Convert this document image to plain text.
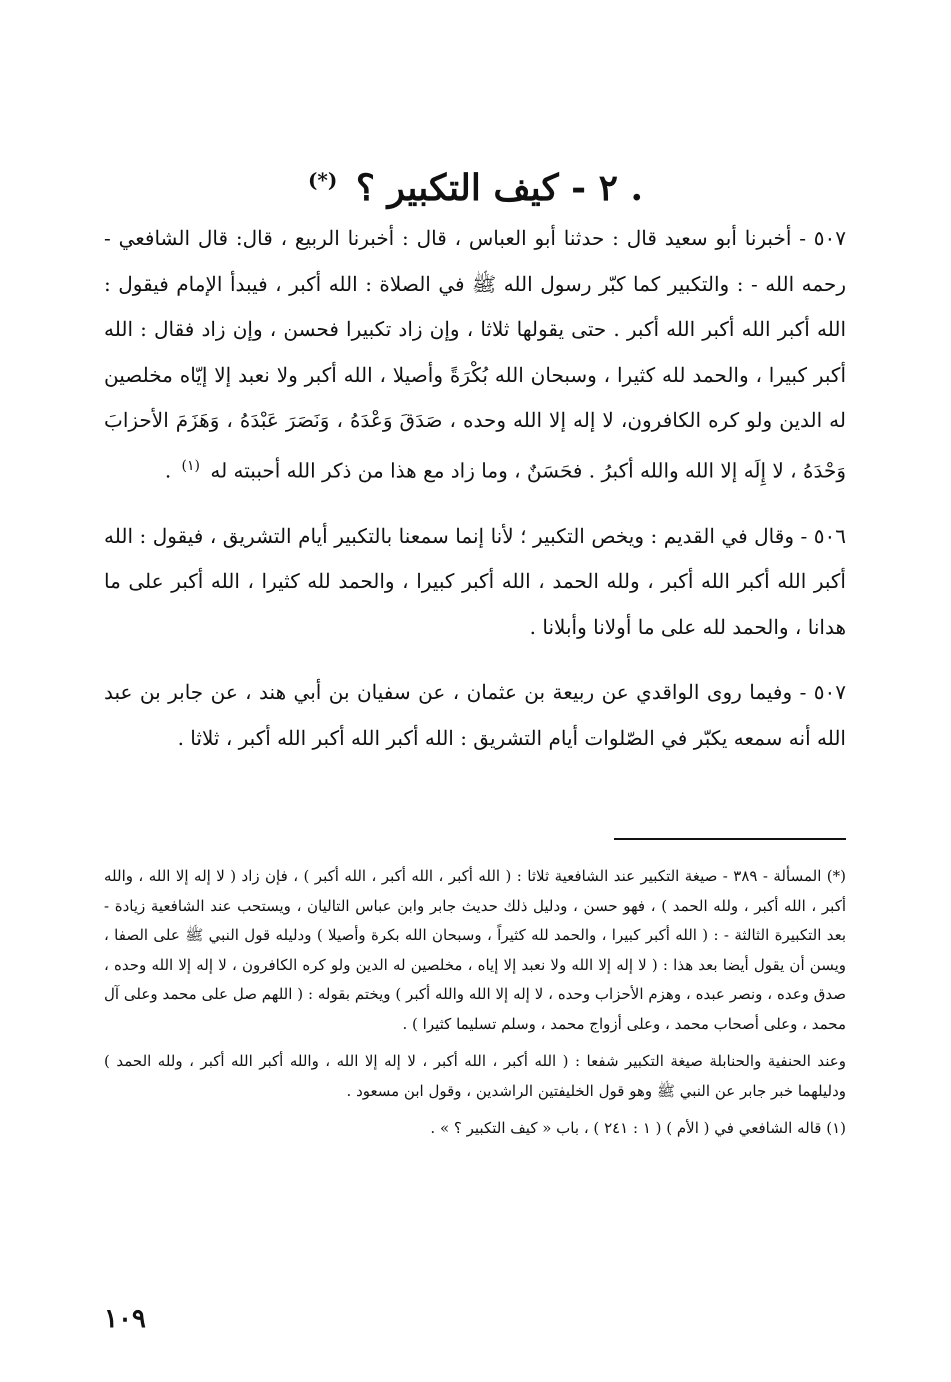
. ٢ - كيف التكبير ؟ (*)

٥٠٧ - أخبرنا أبو سعيد قال : حدثنا أبو العباس ، قال : أخبرنا الربيع ، قال: قال الشافعي - رحمه الله - : والتكبير كما كبّر رسول الله ﷺ في الصلاة : الله أكبر ، فيبدأ الإمام فيقول : الله أكبر الله أكبر الله أكبر . حتى يقولها ثلاثا ، وإن زاد تكبيرا فحسن ، وإن زاد فقال : الله أكبر كبيرا ، والحمد لله كثيرا ، وسبحان الله بُكْرَةً وأصيلا ، الله أكبر ولا نعبد إلا إيّاه مخلصين له الدين ولو كره الكافرون، لا إله إلا الله وحده ، صَدَقَ وَعْدَهُ ، وَنَصَرَ عَبْدَهُ ، وَهَزَمَ الأحزابَ وَحْدَهُ ، لا إِلَه إلا الله والله أكبرُ . فحَسَنٌ ، وما زاد مع هذا من ذكر الله أحببته له $^{(١)}$ .

٥٠٦ - وقال في القديم : ويخص التكبير ؛ لأنا إنما سمعنا بالتكبير أيام التشريق ، فيقول : الله أكبر الله أكبر الله أكبر ، ولله الحمد ، الله أكبر كبيرا ، والحمد لله كثيرا ، الله أكبر على ما هدانا ، والحمد لله على ما أولانا وأبلانا .

٥٠٧ - وفيما روى الواقدي عن ربيعة بن عثمان ، عن سفيان بن أبي هند ، عن جابر بن عبد الله أنه سمعه يكبّر في الصّلوات أيام التشريق : الله أكبر الله أكبر الله أكبر ، ثلاثا .

(*) المسألة - ٣٨٩ - صيغة التكبير عند الشافعية ثلاثا : ( الله أكبر ، الله أكبر ، الله أكبر ) ، فإن زاد ( لا إله إلا الله ، والله أكبر ، الله أكبر ، ولله الحمد ) ، فهو حسن ، ودليل ذلك حديث جابر وابن عباس التاليان ، ويستحب عند الشافعية زيادة - بعد التكبيرة الثالثة - : ( الله أكبر كبيرا ، والحمد لله كثيراً ، وسبحان الله بكرة وأصيلا ) ودليله قول النبي ﷺ على الصفا ، ويسن أن يقول أيضا بعد هذا : ( لا إله إلا الله ولا نعبد إلا إياه ، مخلصين له الدين ولو كره الكافرون ، لا إله إلا الله وحده ، صدق وعده ، ونصر عبده ، وهزم الأحزاب وحده ، لا إله إلا الله والله أكبر ) ويختم بقوله : ( اللهم صل على محمد وعلى آل محمد ، وعلى أصحاب محمد ، وعلى أزواج محمد ، وسلم تسليما كثيرا ) .

وعند الحنفية والحنابلة صيغة التكبير شفعا : ( الله أكبر ، الله أكبر ، لا إله إلا الله ، والله أكبر الله أكبر ، ولله الحمد ) ودليلهما خبر جابر عن النبي ﷺ وهو قول الخليفتين الراشدين ، وقول ابن مسعود .

(١) قاله الشافعي في ( الأم ) ( ١ : ٢٤١ ) ، باب « كيف التكبير ؟ » .

١٠٩
